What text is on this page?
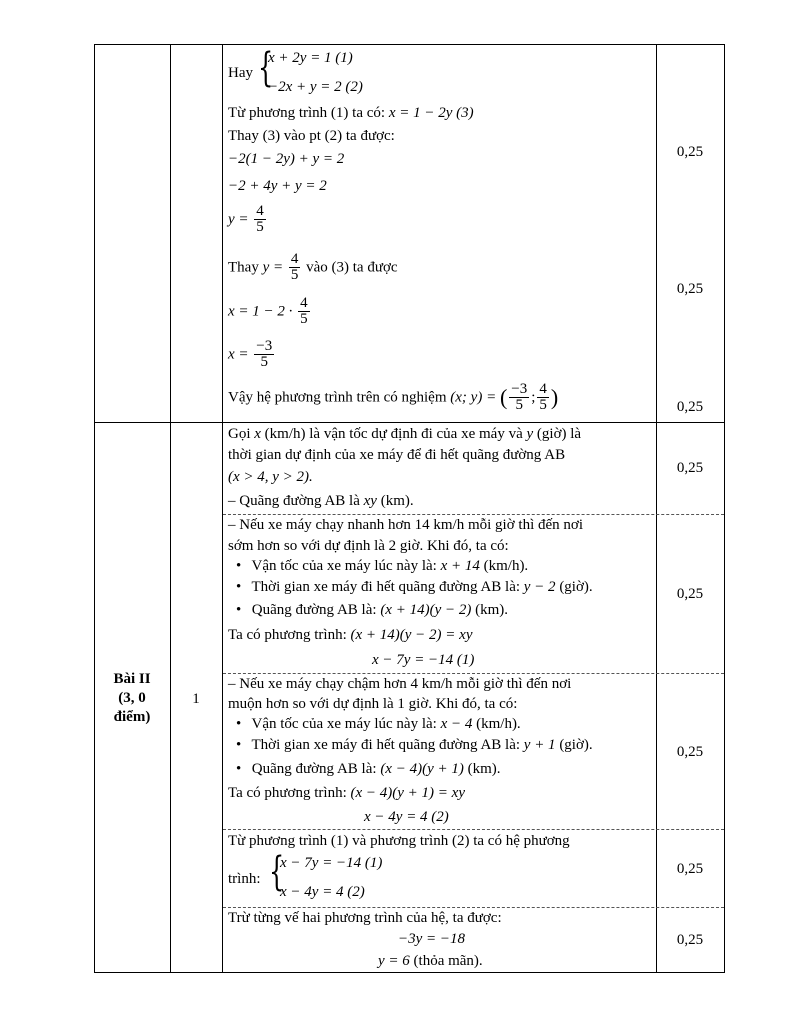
Hay {
x + 2y = 1 (1)
−2x + y = 2 (2)
Từ phương trình (1) ta có: x = 1 − 2y (3)
Thay (3) vào pt (2) ta được:
−2(1 − 2y) + y = 2
−2 + 4y + y = 2
$y = \frac{4}{5}$
Thay $y = \frac{4}{5}$ vào (3) ta được
$x = 1 - 2 \cdot \frac{4}{5}$
$x = \frac{-3}{5}$
Vậy hệ phương trình trên có nghiệm (x; y) = ( $\frac{-3}{5}$ ; $\frac{4}{5}$ )
0,25
0,25
0,25
Bài II
(3, 0
điểm)
1
Gọi x (km/h) là vận tốc dự định đi của xe máy và y (giờ) là
thời gian dự định của xe máy để đi hết quãng đường AB
(x > 4, y > 2).
– Quãng đường AB là xy (km).
0,25
– Nếu xe máy chạy nhanh hơn 14 km/h mỗi giờ thì đến nơi
sớm hơn so với dự định là 2 giờ. Khi đó, ta có:
• Vận tốc của xe máy lúc này là: x + 14 (km/h).
• Thời gian xe máy đi hết quãng đường AB là: y − 2 (giờ).
• Quãng đường AB là: (x + 14)(y − 2) (km).
Ta có phương trình: (x + 14)(y − 2) = xy
x − 7y = −14 (1)
0,25
– Nếu xe máy chạy chậm hơn 4 km/h mỗi giờ thì đến nơi
muộn hơn so với dự định là 1 giờ. Khi đó, ta có:
• Vận tốc của xe máy lúc này là: x − 4 (km/h).
• Thời gian xe máy đi hết quãng đường AB là: y + 1 (giờ).
• Quãng đường AB là: (x − 4)(y + 1) (km).
Ta có phương trình: (x − 4)(y + 1) = xy
x − 4y = 4 (2)
0,25
Từ phương trình (1) và phương trình (2) ta có hệ phương
trình: {
x − 7y = −14 (1)
x − 4y = 4 (2)
0,25
Trừ từng vế hai phương trình của hệ, ta được:
−3y = −18
y = 6 (thỏa mãn).
0,25
